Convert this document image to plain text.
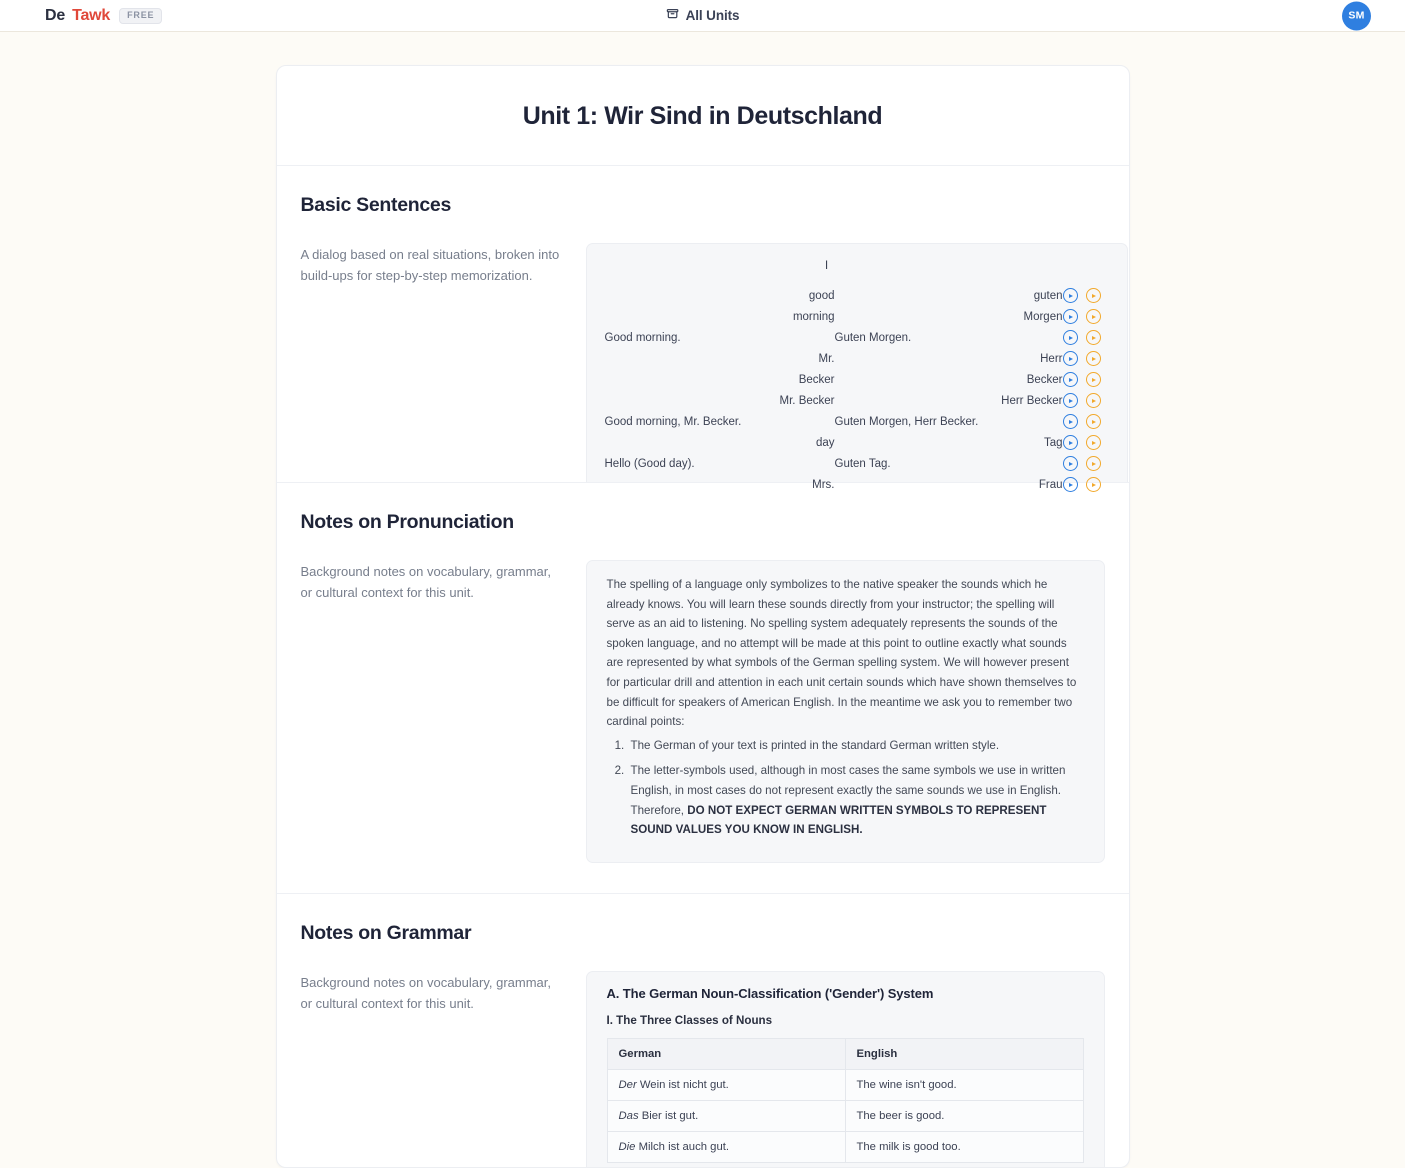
De Tawk	FREE	All Units	SM
Unit 1: Wir Sind in Deutschland
Basic Sentences
A dialog based on real situations, broken into build-ups for step-by-step memorization.
I
good	guten
morning	Morgen
Good morning.	Guten Morgen.
Mr.	Herr
Becker	Becker
Mr. Becker	Herr Becker
Good morning, Mr. Becker.	Guten Morgen, Herr Becker.
day	Tag
Hello (Good day).	Guten Tag.
Mrs.	Frau
Notes on Pronunciation
Background notes on vocabulary, grammar, or cultural context for this unit.

The spelling of a language only symbolizes to the native speaker the sounds which he already knows. You will learn these sounds directly from your instructor; the spelling will serve as an aid to listening. No spelling system adequately represents the sounds of the spoken language, and no attempt will be made at this point to outline exactly what sounds are represented by what symbols of the German spelling system. We will however present for particular drill and attention in each unit certain sounds which have shown themselves to be difficult for speakers of American English. In the meantime we ask you to remember two cardinal points:

1. The German of your text is printed in the standard German written style.
2. The letter-symbols used, although in most cases the same symbols we use in written English, in most cases do not represent exactly the same sounds we use in English. Therefore, DO NOT EXPECT GERMAN WRITTEN SYMBOLS TO REPRESENT SOUND VALUES YOU KNOW IN ENGLISH.
Notes on Grammar
Background notes on vocabulary, grammar, or cultural context for this unit.
A. The German Noun-Classification ('Gender') System
I. The Three Classes of Nouns
German	English
Der Wein ist nicht gut.	The wine isn't good.
Das Bier ist gut.	The beer is good.
Die Milch ist auch gut.	The milk is good too.
